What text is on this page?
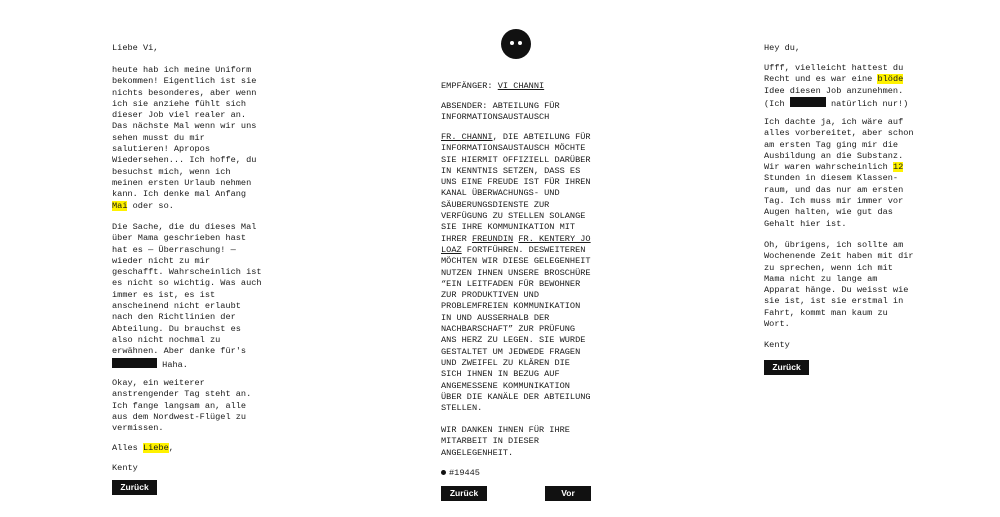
Liebe Vi,

heute hab ich meine Uniform
bekommen! Eigentlich ist sie
nichts besonderes, aber wenn
ich sie anziehe fühlt sich
dieser Job viel realer an.
Das nächste Mal wenn wir uns
sehen musst du mir
salutieren! Apropos
Wiedersehen... Ich hoffe, du
besuchst mich, wenn ich
meinen ersten Urlaub nehmen
kann. Ich denke mal Anfang
Mai oder so.

Die Sache, die du dieses Mal
über Mama geschrieben hast
hat es — Überraschung! —
wieder nicht zu mir
geschafft. Wahrscheinlich ist
es nicht so wichtig. Was auch
immer es ist, es ist
anscheinend nicht erlaubt
nach den Richtlinien der
Abteilung. Du brauchst es
also nicht nochmal zu
erwähnen. Aber danke für's
Haha.

Okay, ein weiterer
anstrengender Tag steht an.
Ich fange langsam an, alle
aus dem Nordwest-Flügel zu
vermissen.

Alles Liebe,

Kenty

Zurück

EMPFÄNGER: VI CHANNI

ABSENDER: ABTEILUNG FÜR
INFORMATIONSAUSTAUSCH

FR. CHANNI, DIE ABTEILUNG FÜR
INFORMATIONSAUSTAUSCH MÖCHTE
SIE HIERMIT OFFIZIELL DARÜBER
IN KENNTNIS SETZEN, DASS ES
UNS EINE FREUDE IST FÜR IHREN
KANAL ÜBERWACHUNGS- UND
SÄUBERUNGSDIENSTE ZUR
VERFÜGUNG ZU STELLEN SOLANGE
SIE IHRE KOMMUNIKATION MIT
IHRER FREUNDIN FR. KENTERY JO
LOAZ FORTFÜHREN. DESWEITEREN
MÖCHTEN WIR DIESE GELEGENHEIT
NUTZEN IHNEN UNSERE BROSCHÜRE
“EIN LEITFADEN FÜR BEWOHNER
ZUR PRODUKTIVEN UND
PROBLEMFREIEN KOMMUNIKATION
IN UND AUSSERHALB DER
NACHBARSCHAFT” ZUR PRÜFUNG
ANS HERZ ZU LEGEN. SIE WURDE
GESTALTET UM JEDWEDE FRAGEN
UND ZWEIFEL ZU KLÄREN DIE
SICH IHNEN IN BEZUG AUF
ANGEMESSENE KOMMUNIKATION
ÜBER DIE KANÄLE DER ABTEILUNG
STELLEN.

WIR DANKEN IHNEN FÜR IHRE
MITARBEIT IN DIESER
ANGELEGENHEIT.

#19445

Zurück	Vor

Hey du,

Ufff, vielleicht hattest du
Recht und es war eine blöde
Idee diesen Job anzunehmen.
(Ich	natürlich nur!)

Ich dachte ja, ich wäre auf
alles vorbereitet, aber schon
am ersten Tag ging mir die
Ausbildung an die Substanz.
Wir waren wahrscheinlich 12
Stunden in diesem Klassen-
raum, und das nur am ersten
Tag. Ich muss mir immer vor
Augen halten, wie gut das
Gehalt hier ist.

Oh, übrigens, ich sollte am
Wochenende Zeit haben mit dir
zu sprechen, wenn ich mit
Mama nicht zu lange am
Apparat hänge. Du weisst wie
sie ist, ist sie erstmal in
Fahrt, kommt man kaum zu
Wort.

Kenty

Zurück
